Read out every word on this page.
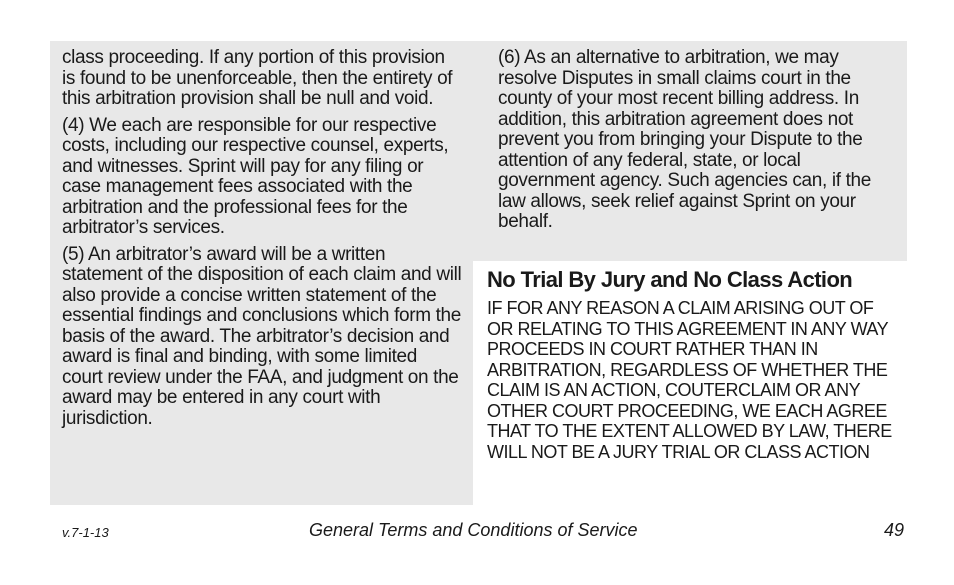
class proceeding. If any portion of this provision is found to be unenforceable, then the entirety of this arbitration provision shall be null and void.

(4) We each are responsible for our respective costs, including our respective counsel, experts, and witnesses. Sprint will pay for any filing or case management fees associated with the arbitration and the professional fees for the arbitrator’s services.

(5) An arbitrator’s award will be a written statement of the disposition of each claim and will also provide a concise written statement of the essential findings and conclusions which form the basis of the award. The arbitrator’s decision and award is final and binding, with some limited court review under the FAA, and judgment on the award may be entered in any court with jurisdiction.

(6) As an alternative to arbitration, we may resolve Disputes in small claims court in the county of your most recent billing address. In addition, this arbitration agreement does not prevent you from bringing your Dispute to the attention of any federal, state, or local government agency. Such agencies can, if the law allows, seek relief against Sprint on your behalf.

No Trial By Jury and No Class Action

IF FOR ANY REASON A CLAIM ARISING OUT OF OR RELATING TO THIS AGREEMENT IN ANY WAY PROCEEDS IN COURT RATHER THAN IN ARBITRATION, REGARDLESS OF WHETHER THE CLAIM IS AN ACTION, COUTERCLAIM OR ANY OTHER COURT PROCEEDING, WE EACH AGREE THAT TO THE EXTENT ALLOWED BY LAW, THERE WILL NOT BE A JURY TRIAL OR CLASS ACTION

v.7-1-13	General Terms and Conditions of Service	49
